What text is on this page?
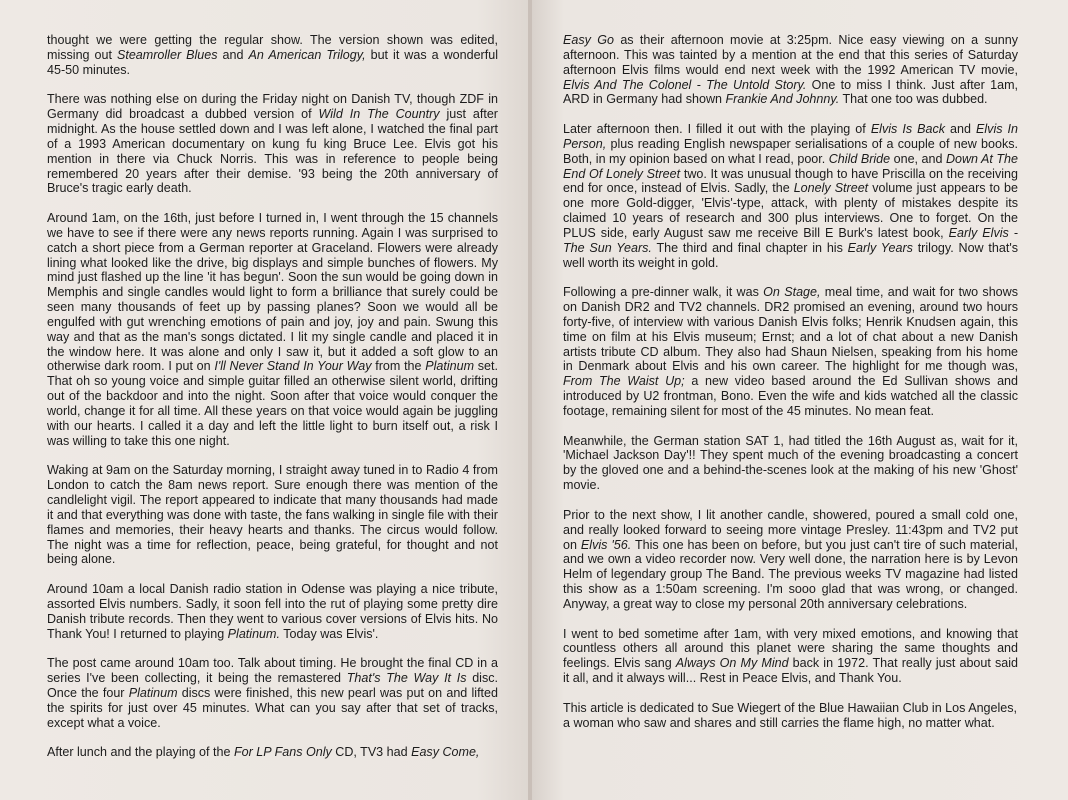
thought we were getting the regular show. The version shown was edited, missing out Steamroller Blues and An American Trilogy, but it was a wonderful 45-50 minutes.

There was nothing else on during the Friday night on Danish TV, though ZDF in Germany did broadcast a dubbed version of Wild In The Country just after midnight. As the house settled down and I was left alone, I watched the final part of a 1993 American documentary on kung fu king Bruce Lee. Elvis got his mention in there via Chuck Norris. This was in reference to people being remembered 20 years after their demise. '93 being the 20th anniversary of Bruce's tragic early death.

Around 1am, on the 16th, just before I turned in, I went through the 15 channels we have to see if there were any news reports running. Again I was surprised to catch a short piece from a German reporter at Graceland. Flowers were already lining what looked like the drive, big displays and simple bunches of flowers. My mind just flashed up the line 'it has begun'. Soon the sun would be going down in Memphis and single candles would light to form a brilliance that surely could be seen many thousands of feet up by passing planes? Soon we would all be engulfed with gut wrenching emotions of pain and joy, joy and pain. Swung this way and that as the man's songs dictated. I lit my single candle and placed it in the window here. It was alone and only I saw it, but it added a soft glow to an otherwise dark room. I put on I'll Never Stand In Your Way from the Platinum set. That oh so young voice and simple guitar filled an otherwise silent world, drifting out of the backdoor and into the night. Soon after that voice would conquer the world, change it for all time. All these years on that voice would again be juggling with our hearts. I called it a day and left the little light to burn itself out, a risk I was willing to take this one night.

Waking at 9am on the Saturday morning, I straight away tuned in to Radio 4 from London to catch the 8am news report. Sure enough there was mention of the candlelight vigil. The report appeared to indicate that many thousands had made it and that everything was done with taste, the fans walking in single file with their flames and memories, their heavy hearts and thanks. The circus would follow. The night was a time for reflection, peace, being grateful, for thought and not being alone.

Around 10am a local Danish radio station in Odense was playing a nice tribute, assorted Elvis numbers. Sadly, it soon fell into the rut of playing some pretty dire Danish tribute records. Then they went to various cover versions of Elvis hits. No Thank You! I returned to playing Platinum. Today was Elvis'.

The post came around 10am too. Talk about timing. He brought the final CD in a series I've been collecting, it being the remastered That's The Way It Is disc. Once the four Platinum discs were finished, this new pearl was put on and lifted the spirits for just over 45 minutes. What can you say after that set of tracks, except what a voice.

After lunch and the playing of the For LP Fans Only CD, TV3 had Easy Come,

Easy Go as their afternoon movie at 3:25pm. Nice easy viewing on a sunny afternoon. This was tainted by a mention at the end that this series of Saturday afternoon Elvis films would end next week with the 1992 American TV movie, Elvis And The Colonel - The Untold Story. One to miss I think. Just after 1am, ARD in Germany had shown Frankie And Johnny. That one too was dubbed.

Later afternoon then. I filled it out with the playing of Elvis Is Back and Elvis In Person, plus reading English newspaper serialisations of a couple of new books. Both, in my opinion based on what I read, poor. Child Bride one, and Down At The End Of Lonely Street two. It was unusual though to have Priscilla on the receiving end for once, instead of Elvis. Sadly, the Lonely Street volume just appears to be one more Gold-digger, 'Elvis'-type, attack, with plenty of mistakes despite its claimed 10 years of research and 300 plus interviews. One to forget. On the PLUS side, early August saw me receive Bill E Burk's latest book, Early Elvis - The Sun Years. The third and final chapter in his Early Years trilogy. Now that's well worth its weight in gold.

Following a pre-dinner walk, it was On Stage, meal time, and wait for two shows on Danish DR2 and TV2 channels. DR2 promised an evening, around two hours forty-five, of interview with various Danish Elvis folks; Henrik Knudsen again, this time on film at his Elvis museum; Ernst; and a lot of chat about a new Danish artists tribute CD album. They also had Shaun Nielsen, speaking from his home in Denmark about Elvis and his own career. The highlight for me though was, From The Waist Up; a new video based around the Ed Sullivan shows and introduced by U2 frontman, Bono. Even the wife and kids watched all the classic footage, remaining silent for most of the 45 minutes. No mean feat.

Meanwhile, the German station SAT 1, had titled the 16th August as, wait for it, 'Michael Jackson Day'!! They spent much of the evening broadcasting a concert by the gloved one and a behind-the-scenes look at the making of his new 'Ghost' movie.

Prior to the next show, I lit another candle, showered, poured a small cold one, and really looked forward to seeing more vintage Presley. 11:43pm and TV2 put on Elvis '56. This one has been on before, but you just can't tire of such material, and we own a video recorder now. Very well done, the narration here is by Levon Helm of legendary group The Band. The previous weeks TV magazine had listed this show as a 1:50am screening. I'm sooo glad that was wrong, or changed. Anyway, a great way to close my personal 20th anniversary celebrations.

I went to bed sometime after 1am, with very mixed emotions, and knowing that countless others all around this planet were sharing the same thoughts and feelings. Elvis sang Always On My Mind back in 1972. That really just about said it all, and it always will... Rest in Peace Elvis, and Thank You.

This article is dedicated to Sue Wiegert of the Blue Hawaiian Club in Los Angeles, a woman who saw and shares and still carries the flame high, no matter what.
